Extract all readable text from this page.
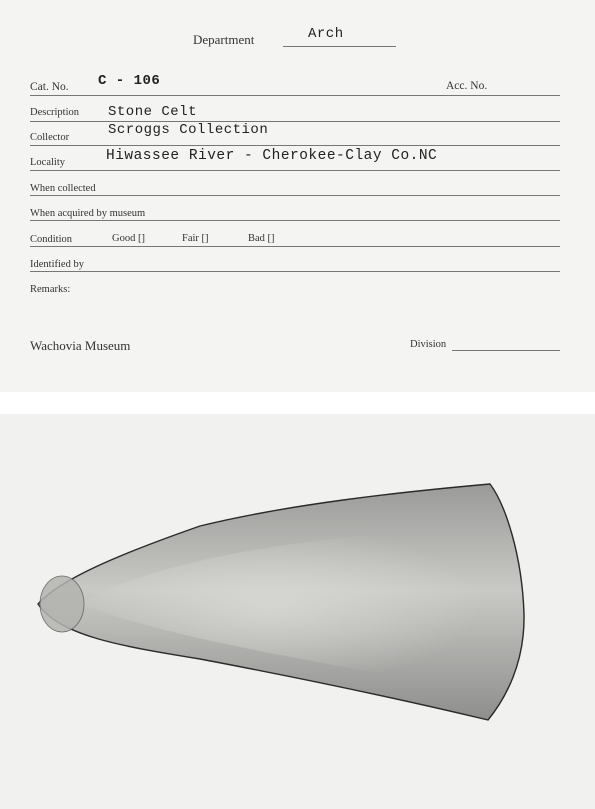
Department	Arch
Cat. No. C - 106	Acc. No.
Description Stone Celt
Collector	Scroggs Collection
Locality	Hiwassee River - Cherokee-Clay Co.NC
When collected
When acquired by museum
Condition	Good []	Fair []	Bad []
Identified by
Remarks:
Wachovia Museum	Division
